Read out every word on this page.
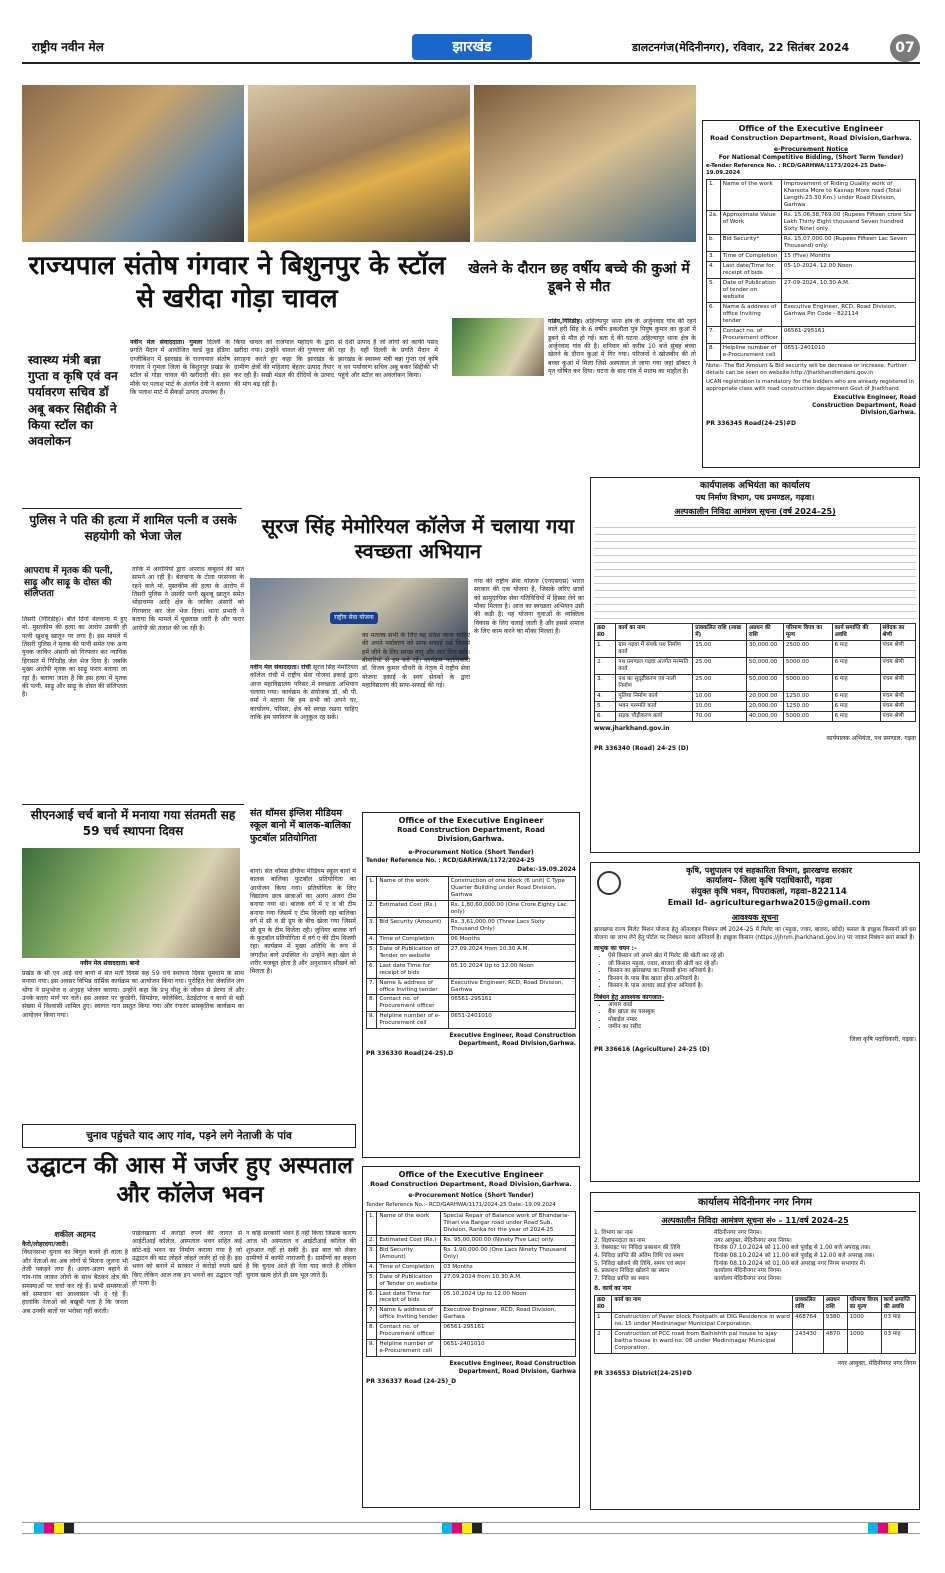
राष्ट्रीय नवीन मेल	झारखंड	डालटनगंज(मेदिनीनगर), रविवार, 22 सितंबर 2024	07
राज्यपाल संतोष गंगवार ने बिशुनपुर के स्टॉल से खरीदा गोड़ा चावल
स्वास्थ्य मंत्री बन्ना गुप्ता व कृषि एवं वन पर्यावरण सचिव डॉ अबू बकर सिद्दीकी ने किया स्टॉल का अवलोकन
नवीन मेल संवाददाता। गुमला दिल्ली के प्रगति मैदान में आयोजित वर्ल्ड फूड इंडिया एग्जीबिशन में झारखंड के राज्यपाल संतोष गंगवार ने गुमला जिला के बिशुनपुर प्रखंड के स्टॉल से गोड़ा चावल की खरीदारी की। इस मौके पर पलाश मार्ट के अंतर्गत देवी ने बताया कि पलाश मार्ट में सैकड़ों उत्पाद उपलब्ध हैं।
किया चावल को राजपाल महोदय के द्वारा खरीदा गया। उन्होंने चावल की गुणवत्ता की सराहना करते हुए कहा कि झारखंड के ग्रामीण क्षेत्रों की महिलाएं बेहतर उत्पाद तैयार कर रही हैं। सखी मंडल की दीदियों के उत्पाद की मांग बढ़ रही है।
से देशी उत्पाद है जो लोगों को काफी पसंद रहा है। वहीं दिल्ली के प्रगति मैदान में झारखंड के स्वास्थ्य मंत्री बन्ना गुप्ता एवं कृषि व वन पर्यावरण सचिव अबू बकर सिद्दीकी भी पहुंचे और स्टॉल का अवलोकन किया।
खेलने के दौरान छह वर्षीय बच्चे की कुआं में डूबने से मौत
गांडेय,गिरिडीह। अहिल्यापुर थाना क्षेत्र के अर्जुनवाद गांव की रहने वाले हरी सिंह के 6 वर्षीय इकलौता पुत्र पियुष कुमार का कुआं में डूबने से मौत हो गई। बता दें की घटना अहिल्यापुर थाना क्षेत्र के अर्जुनवाद गांव की है। शनिवार को करीब 10 बजे सुबह बच्चा खेलने के दौरान कुआं में गिर गया। परिजनों ने खोजबीन की तो बच्चा कुआं में मिला जिसे अस्पताल ले जाया गया जहां डॉक्टर ने मृत घोषित कर दिया। घटना के बाद गांव में मातम का माहौल है।
Office of the Executive Engineer
Road Construction Department, Road Division,Garhwa.
e-Procurement Notice
For National Competitive Bidding, (Short Term Tender)
e-Tender Reference No. : RCD/GARHWA/1173/2024-25 Date- 19.09.2024
1.	Name of the work	Improvement of Riding Quality work of Kharsota More to Kasnap More road (Total Length-23.30 Km.) under Road Division, Garhwa
2a.	Approximate Value of Work	Rs. 15,06,38,769.00 (Rupees Fifteen crore Six Lakh Thirty Eight thousand Seven hundred Sixty Nine) only
b.	Bid Security*	Rs. 15,07,000.00 (Rupees Fifteen Lac Seven Thousand) only.
3.	Time of Completion	15 (Five) Months
4.	Last date/Time for receipt of bids	05-10-2024, 12.00 Noon
5.	Date of Publication of tender on website	27-09-2024, 10.30 A.M.
6.	Name & address of office Inviting tender	Executive Engineer, RCD, Road Division, Garhwa Pin Code - 822114
7.	Contact no. of Procurement officer	06561-295161
8.	Helpline number of e-Procurement cell	0651-2401010
Note:- The Bid Amount & Bid security will be decrease or increase. Further details can be seen on website http://jharkhandtenders.gov.in
UCAN registration is mandatory for the bidders who are already registered in appropriate class with road construction department Govt.of Jharkhand.
Executive Engineer, Road Construction Department, Road Division,Garhwa.
PR 336345 Road(24-25)#D
पुलिस ने पति की हत्या में शामिल पत्नी व उसके सहयोगी को भेजा जेल
आपराध में मृतक की पत्नी, साढ़ू और साढ़ू के दोस्त की संलिप्तता
तिसरी (गिरिडीह)। बीते दिनों बेलवाना में हुए मो. मुस्तकीम की हत्या का आरोप उसकी ही पत्नी खुशबू खातून पर लगा है। इस मामले में तिसरी पुलिस ने मृतक की पत्नी समेत एक अन्य युवक जाकिर अंसारी को गिरफ्तार कर न्यायिक हिरासत में गिरिडीह जेल भेज दिया है। जबकि मुख्य आरोपी मृतक का साढ़ू फरार बताया जा रहा है। बताया जाता है कि इस हत्या में मृतक की पत्नी, साढ़ू और साढ़ू के दोस्त की संलिप्तता है।
ताकि में आरोपियों द्वारा अपराध कबूलने की बात सामने आ रही है। बेलवाना के टोला परसनवा के रहने वाले मो. मुस्तकीम की हत्या के आरोप में तिसरी पुलिस ने उसकी पत्नी खुशबू खातून समेत थोड़ाचम्पा आदि क्षेत्र के जाकिर अंसारी को गिरफ्तार कर जेल भेज दिया। थाना प्रभारी ने बताया कि मामले में पूछताछ जारी है और फरार आरोपी की तलाश की जा रही है।
सूरज सिंह मेमोरियल कॉलेज में चलाया गया स्वच्छता अभियान
राष्ट्रीय सेवा योजना
नवीन मेल संवाददाता। रांची सूरज सिंह मेमोरियल कॉलेज रांची में राष्ट्रीय सेवा योजना इकाई द्वारा आज महाविद्यालय परिसर में स्वच्छता अभियान चलाया गया। कार्यक्रम के संयोजक डॉ. श्री पी. वर्मा ने बताया कि हम सभी को अपने घर, कार्यालय, परिसर, क्षेत्र को स्वच्छ रखना चाहिए ताकि हम पर्यावरण के अनुकूल रह सकें।
का मतलब सभी के लिए यह संदेश जाना चाहिए की अपने पर्यावरण को साफ सफाई रखें जिससे हमें जीने के लिए स्वच्छ वायु और जल मिल सके। बीमारियों से हम बचे रहें। कार्यक्रम पदाधिकारी डॉ. विजय कुमार चौधरी के नेतृत्व में राष्ट्रीय सेवा योजना इकाई के स्वयं सेवकों के द्वारा महाविद्यालय की साफ-सफाई की गई।
गया की राष्ट्रीय सेवा योजना (एनएसएस) भारत सरकार की एक योजना है, जिसके जरिए छात्रों को सामुदायिक सेवा गतिविधियों में हिस्सा लेने का मौका मिलता है। आज का स्वच्छता अभियान उसी की कड़ी है। यह योजना युवाओं के व्यक्तित्व विकास के लिए चलाई जाती है और इससे समाज के लिए काम करने का मौका मिलता है।
कार्यपालक अभियंता का कार्यालय
पथ निर्माण विभाग, पथ प्रमण्डल, गढ़वा।
अल्पकालीन निविदा आमंत्रण सूचना (वर्ष 2024–25)
क्र0 सं0	कार्य का नाम	प्राक्कलित राशि (लाख में)	अग्रधन की राशि	परिमाण विपत्र का मूल्य	कार्य समाप्ति की अवधि	संवेदक का श्रेणी
1.	ग्राम गढ़वा में संपर्क पथ निर्माण कार्य	15.00	30,000.00	2500.00	6 माह	पंचम श्रेणी
2.	पथ प्रमण्डल गढ़वा अंतर्गत मरम्मति कार्य	25.00	50,000.00	5000.00	6 माह	पंचम श्रेणी
3.	पथ का सुदृढ़ीकरण एवं नाली निर्माण	25.00	50,000.00	5000.00	6 माह	पंचम श्रेणी
4.	पुलिया निर्माण कार्य	10.00	20,000.00	1250.00	6 माह	पंचम श्रेणी
5.	भवन मरम्मति कार्य	10.00	20,000.00	1250.00	6 माह	पंचम श्रेणी
6.	सड़क चौड़ीकरण कार्य	70.00	40,000.00	5000.00	6 माह	पंचम श्रेणी
www.jharkhand.gov.in
कार्यपालक अभियंता, पथ प्रमण्डल, गढ़वा
PR 336340 (Road) 24-25 (D)
सीएनआई चर्च बानो में मनाया गया संतमती सह 59 चर्च स्थापना दिवस
नवीन मेल संवाददाता। बानो
प्रखंड के सी एन आई चर्च बानो में संत मती दिवस सह 59 चर्च स्थापना दिवस धूमधाम के साथ मनाया गया। इस अवसर विभिन्न धार्मिक कार्यक्रम का आयोजन किया गया। पुरोहित रेवा जेकलिन लंग थोंगा ने प्रभुभोज व अनुग्रह भोजन कराया। उन्होंने कहा कि प्रभु यीशु के जीवन से प्रेरणा लें और उनके बताए मार्ग पर चलें। इस अवसर पर कुरडेगी, सिमडेगा, कोलेबिरा, ठेठईटांगर व बानो से बड़ी संख्या में विश्वासी शामिल हुए। स्वागत गान प्रस्तुत किया गया और रंगारंग सांस्कृतिक कार्यक्रम का आयोजन किया गया।
संत थॉमस इंग्लिश मीडियम स्कूल बानो में बालक-बालिका फुटबॉल प्रतियोगिता
बानो। संत थॉमस इंग्लिश मीडियम स्कूल बानो में बालक बालिका फुटबॉल प्रतियोगिता का आयोजन किया गया। प्रतियोगिता के लिए विद्यालय छात्र छात्राओं का अलग अलग टीम बनाया गया था। बालक वर्ग में ए व बी टीम बनाया गया जिसमें ए टीम विजयी रहा बालिका वर्ग में सी व डी ग्रुप के बीच खेला गया जिसमें सी ग्रुप के टीम विजेता रही। जुनियर बालक वर्ग के फुटबॉल प्रतियोगिता में वर्ग ए की टीम विजयी रहा। कार्यक्रम में मुख्य अतिथि के रूप में जगदीश बागे उपस्थित थे। उन्होंने कहा खेल से शरीर मजबूत होता है और अनुशासन सीखने को मिलता है।
Office of the Executive Engineer
Road Construction Department, Road Division,Garhwa.
e-Procurement Notice (Short Tender)
Tender Reference No. : RCD/GARHWA/1172/2024-25
Date:-19.09.2024
1.	Name of the work	Construction of one block (6 unit) C Type Quarter Building under Road Division, Garhwa
2.	Estimated Cost (Rs.)	Rs. 1,80,60,000.00 (One Crore Eighty Lac only)
3.	Bid Security (Amount)	Rs. 3,61,000.00 (Three Lacs Sixty Thousand Only)
4.	Time of Completion	06 Months
5.	Date of Publication of Tender on website	27.09.2024 from 10.30 A.M.
6.	Last date Time for receipt of bids	05.10.2024 Up to 12.00 Noon
7.	Name & address of office Inviting tender	Executive Engineer, RCD, Road Division, Garhwa
8.	Contact no. of Procurement officer	06561-295161
9.	Helpline number of e-Procurement cell	0651-2401010
Executive Engineer, Road Construction Department, Road Division,Garhwa.
PR 336330 Road(24-25).D
कृषि, पशुपालन एवं सहकारिता विभाग, झारखण्ड सरकार
कार्यालय– जिला कृषि पदाधिकारी, गढ़वा
संयुक्त कृषि भवन, पिपराकलां, गढ़वा–822114
Email Id- agriculturegarhwa2015@gmail.com
आवश्यक सूचना
झारखण्ड राज्य मिलेट मिशन योजना हेतु ऑनलाइन निबंधन वर्ष 2024–25 में मिलेट का (मड़ुवा, ज्वार, बाजरा, कोदो) फसल के इच्छुक किसानों को इस योजना का लाभ लेने हेतु पोर्टल पर निबंधन करना अनिवार्य है। इच्छुक किसान (https://jhnm.jharkhand.gov.in) पर जाकर निबंधन करा सकते हैं।
लाभुक का चयन :–
• ऐसे किसान जो अपने खेत में मिलेट की खेती कर रहे हों।
• जो किसान मड़ुवा, ज्वार, बाजरा की खेती कर रहे हों।
• किसान का झारखण्ड का निवासी होना अनिवार्य है।
• किसान के पास बैंक खाता होना अनिवार्य है।
• किसान के पास आधार कार्ड होना अनिवार्य है।
निबंधन हेतु आवश्यक कागजात–
• आधार कार्ड
• बैंक खाता का पासबुक
• मोबाईल नम्बर
• जमीन का रसीद
जिला कृषि पदाधिकारी, गढ़वा।
PR 336616 (Agriculture) 24-25 (D)
चुनाव पहुंचते याद आए गांव, पड़ने लगे नेताजी के पांव
उद्घाटन की आस में जर्जर हुए अस्पताल और कॉलेज भवन
शकील अहमद
कैरो/लोहरदगा/जारी।
विधानसभा चुनाव का बिगुल बजने ही वाला है और नेताओं का अब लोगों से मिलना जुलना भी तेजी पकड़ने लगा है। अलग-अलग बहाने से गांव-गांव जाकर लोगों के साथ बैठकर क्षेत्र की समस्याओं पर चर्चा कर रहे हैं। सभी समस्याओं को समाधान का आश्वासन भी दे रहे हैं। हालांकि नेताओं को बखूबी पता है कि जनता अब उनकी बातों पर भरोसा नहीं करती।
पाईलखाना में करोड़ों रुपये की लागत से आईटीआई कॉलेज, अस्पताल भवन सहित कई छोटे-बड़े भवन का निर्माण कराया गया है जो उद्घाटन की बाट जोहते जोहते जर्जर हो रहे हैं। इस भवन को बनाने में सरकार ने करोड़ों रुपये खर्च किए लेकिन आज तक इन भवनों का उद्घाटन नहीं हो पाया है।
न कोई सरकारी भवन है नहीं किया जिसके कारण आज भी अस्पताल व आईटीआई कॉलेज की शुरुआत नहीं हो सकी है। इस बात को लेकर ग्रामीणों में काफी नाराजगी है। ग्रामीणों का कहना है कि चुनाव आते ही नेता याद करते हैं लेकिन चुनाव खत्म होते ही सब भूल जाते हैं।
Office of the Executive Engineer
Road Construction Department, Road Division,Garhwa.
e-Procurement Notice (Short Tender)
Tender Reference No.:- RCD/GARHWA/1171/2024-25 Date:-19.09.2024
1.	Name of the work	Special Repair of Balance work of Bhandaria-Tihari via Bargar road under Road Sub. Division, Ranka for the year of 2024-25
2.	Estimated Cost (Rs.)	Rs. 95,00,000.00 (Ninety Five Lac) only.
3.	Bid Security (Amount)	Rs. 1,90,000.00 (One Lacs Ninety Thousand Only)
4.	Time of Completion	03 Months
5.	Date of Publication of Tender on website	27.09.2024 from 10.30 A.M.
6.	Last date Time for receipt of bids	05.10.2024 Up to 12.00 Noon
7.	Name & address of office Inviting tender	Executive Engineer, RCD, Road Division, Garhwa
8.	Contact no. of Procurement officer	06561-295161
9.	Helpline number of e-Procurement cell	0651-2401010
Executive Engineer, Road Construction Department, Road Division, Garhwa
PR 336337 Road (24-25)_D
कार्यालय मेदिनीनगर नगर निगम
अल्पकालीन निविदा आमंत्रण सूचना सं० – 11/वर्ष 2024–25
1. विभाग का नाम	मेदिनीनगर नगर निगम।
2. विज्ञापनदाता का नाम	नगर आयुक्त, मेदिनीनगर नगर निगम।
3. वेबसाइट पर निविदा प्रकाशन की तिथि	दिनांक 07.10.2024 को 11.00 बजे पूर्वाह्न से 1.00 बजे अपराह्न तक।
4. निविदा प्राप्ति की अंतिम तिथि एवं समय	दिनांक 08.10.2024 को 11.00 बजे पूर्वाह्न से 12.00 बजे अपराह्न तक।
5. निविदा खोलने की तिथि, समय एवं स्थान	दिनांक 08.10.2024 को 01.00 बजे अपराह्न नगर निगम सभागार में।
6. प्रकाशन निविदा खोलने का स्थान	कार्यालय मेदिनीनगर नगर निगम।
7. निविदा प्राप्ति का स्थान	कार्यालय मेदिनीनगर नगर निगम।
8. कार्य का नाम
क्र0 सं0	कार्य का नाम	प्राक्कलित राशि	अग्रधन राशि	परिमाण विपत्र का मूल्य	कार्य समाप्ति की अवधि
1	Construction of Paver block Footpath at DIG Residence in ward no. 15 under Medininagar Municipal Corporation.	468764	9380	1000	03 माह
2	Construction of PCC road from Baihishth pal house to ajay baitha house in ward no. 08 under Medininagar Municipal Corporation.	243430	4870	1000	03 माह
नगर आयुक्त, मेदिनीनगर नगर निगम
PR 336553 District(24-25)#D
